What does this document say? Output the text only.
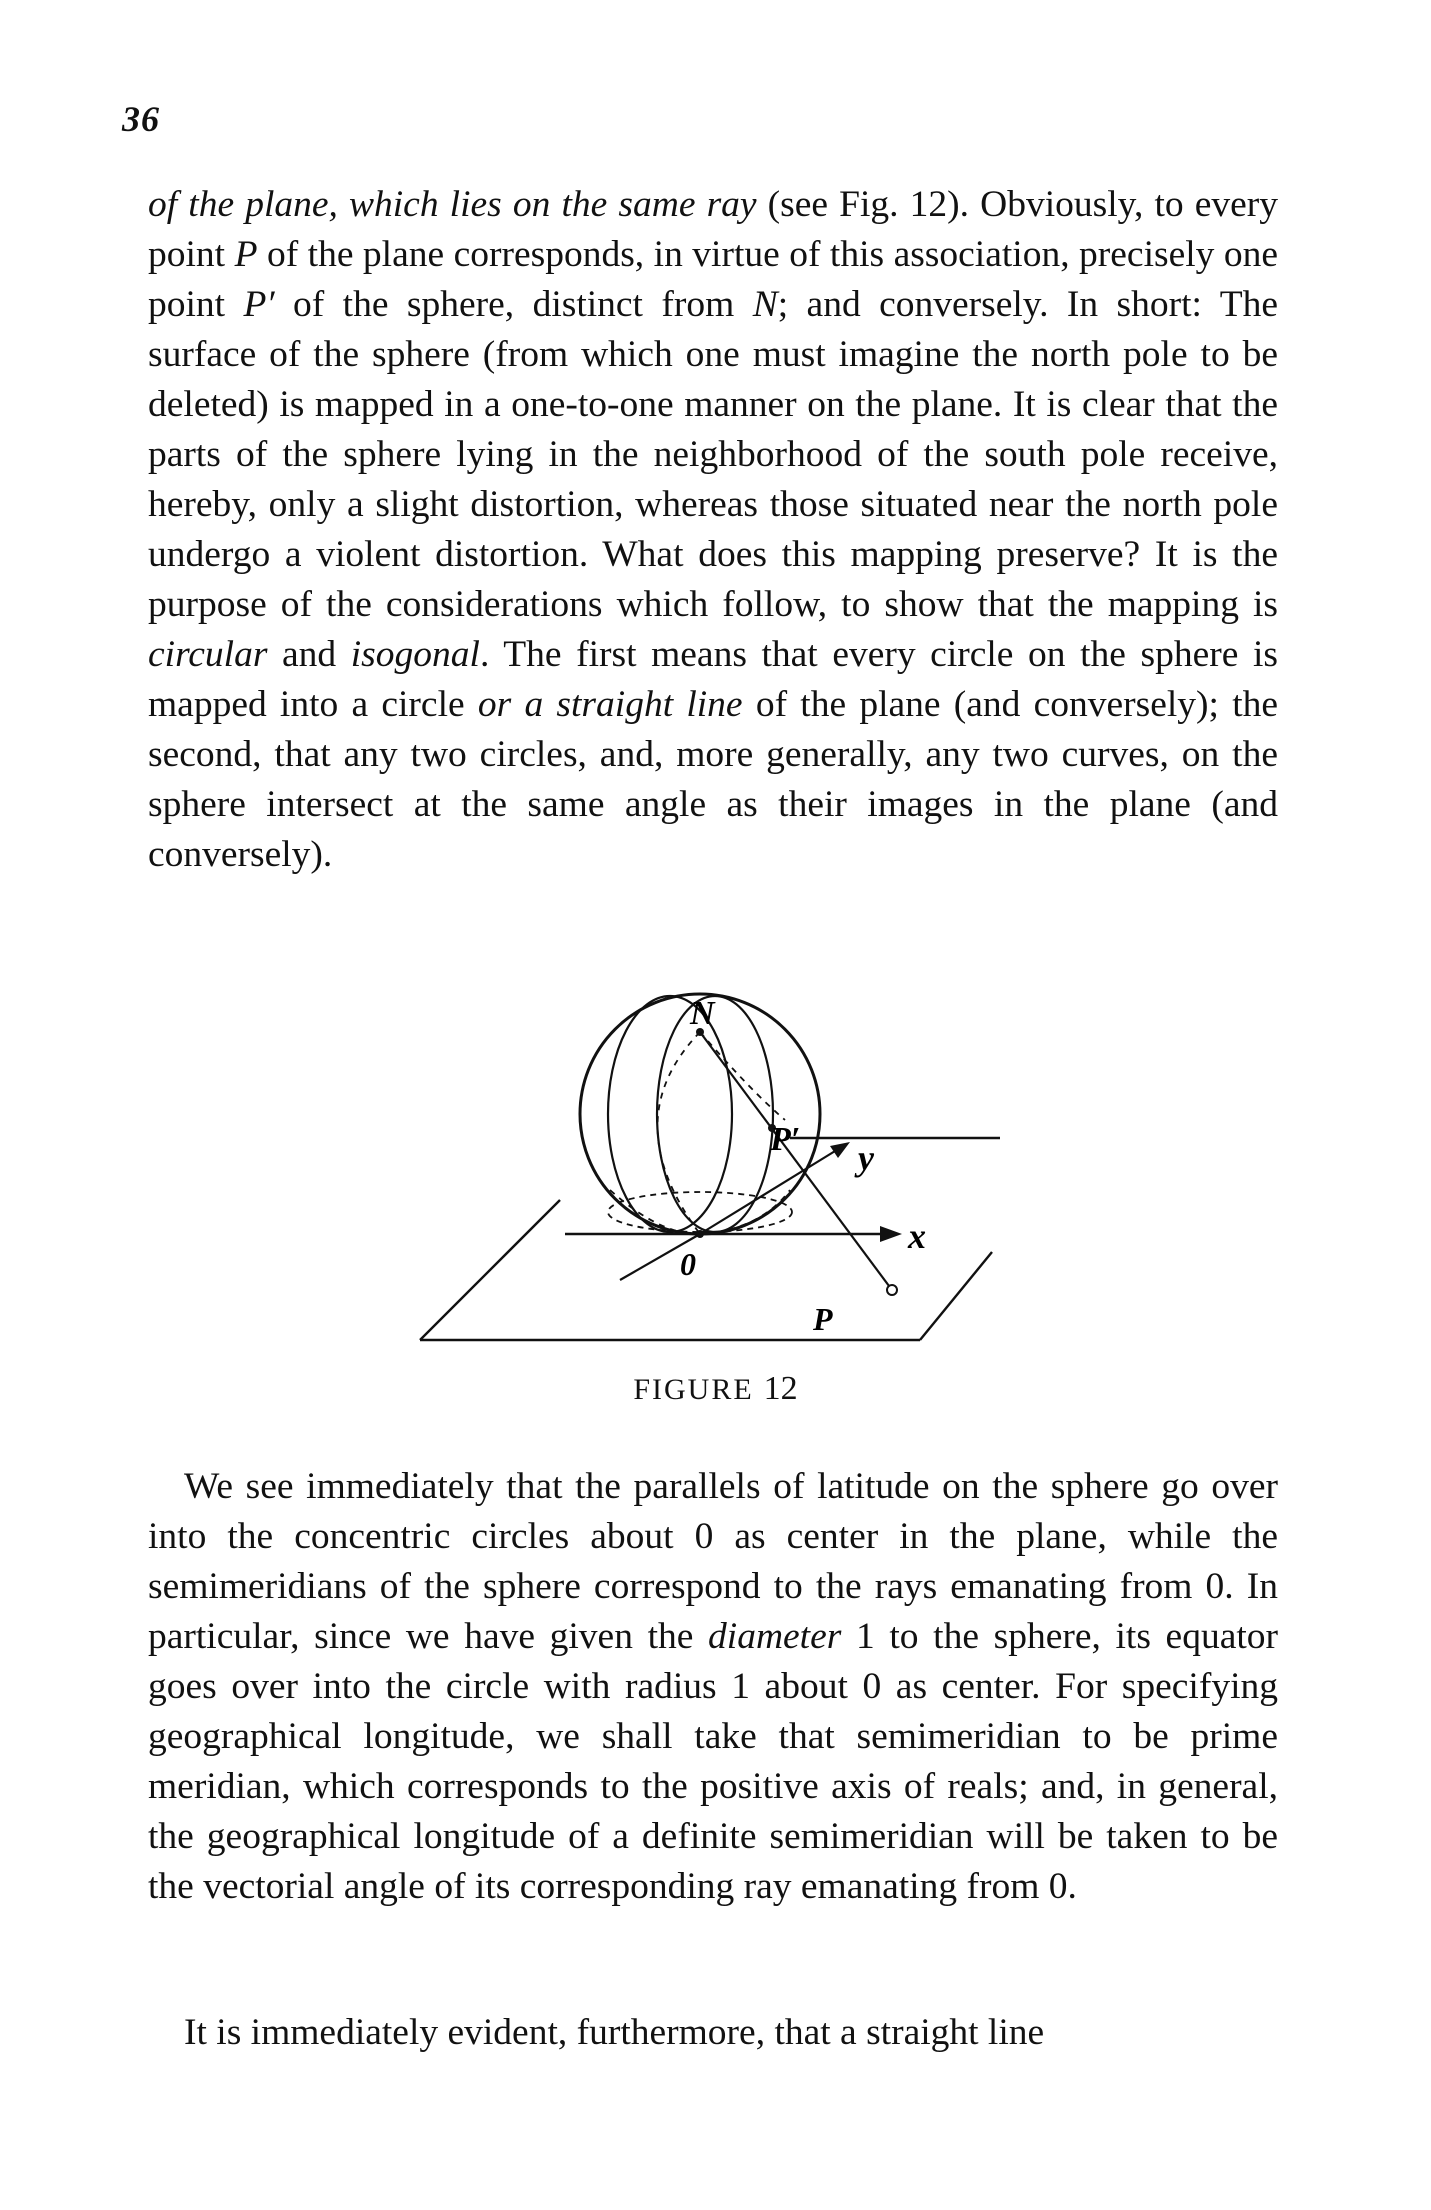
36

of the plane, which lies on the same ray (see Fig. 12). Obviously, to every point P of the plane corresponds, in virtue of this association, precisely one point P′ of the sphere, distinct from N; and conversely. In short: The surface of the sphere (from which one must imagine the north pole to be deleted) is mapped in a one-to-one manner on the plane. It is clear that the parts of the sphere lying in the neighborhood of the south pole receive, hereby, only a slight distortion, whereas those situated near the north pole undergo a violent distortion. What does this mapping preserve? It is the purpose of the considerations which follow, to show that the mapping is circular and isogonal. The first means that every circle on the sphere is mapped into a circle or a straight line of the plane (and conversely); the second, that any two circles, and, more generally, any two curves, on the sphere intersect at the same angle as their images in the plane (and conversely).

N
P′ y
x
0
P
FIGURE 12

We see immediately that the parallels of latitude on the sphere go over into the concentric circles about 0 as center in the plane, while the semimeridians of the sphere correspond to the rays emanating from 0. In particular, since we have given the diameter 1 to the sphere, its equator goes over into the circle with radius 1 about 0 as center. For specifying geographical longitude, we shall take that semimeridian to be prime meridian, which corresponds to the positive axis of reals; and, in general, the geographical longitude of a definite semimeridian will be taken to be the vectorial angle of its corresponding ray emanating from 0.

It is immediately evident, furthermore, that a straight line
